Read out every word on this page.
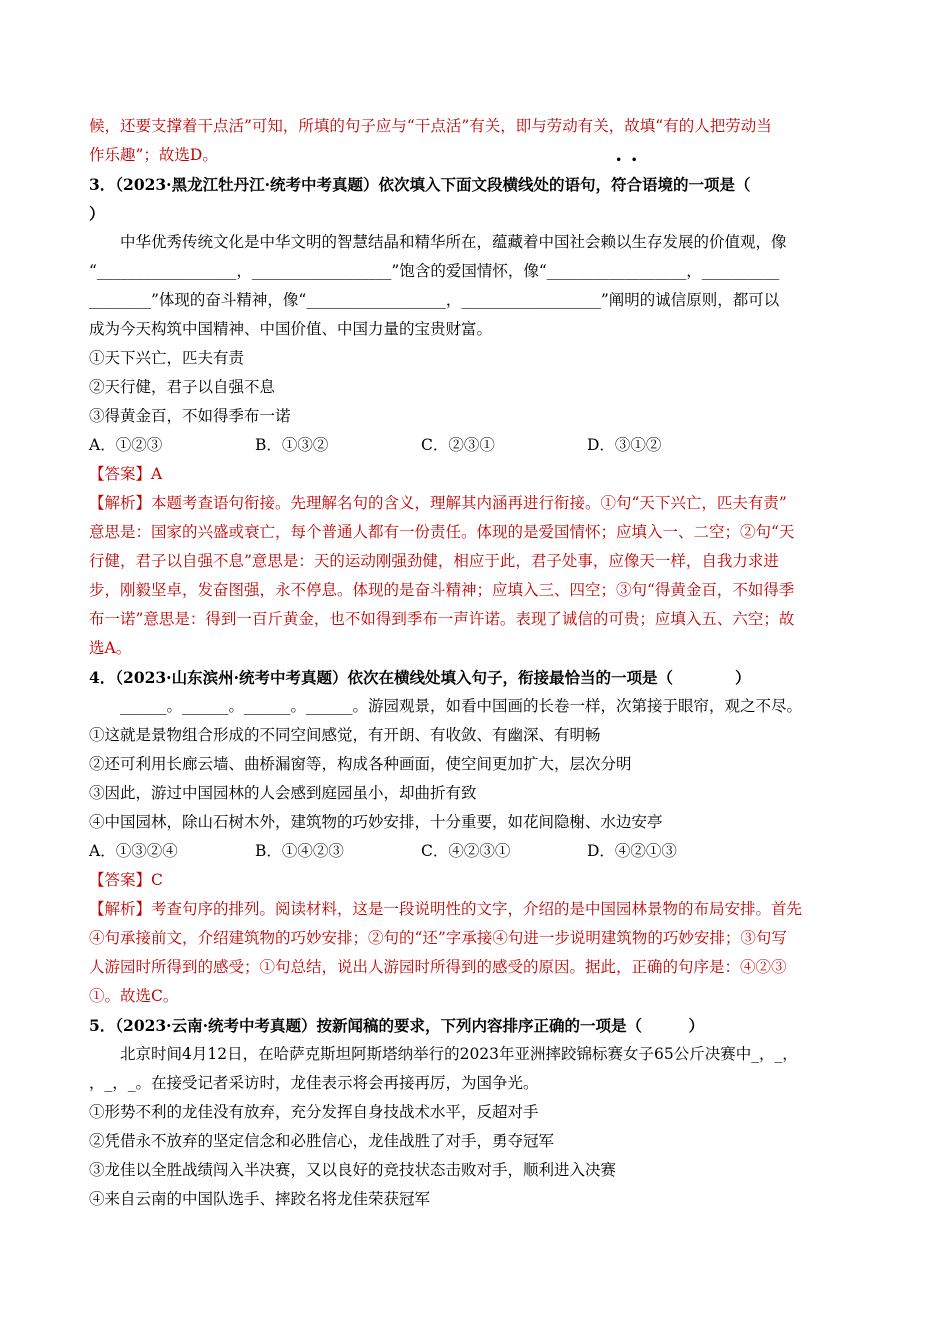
候，还要支撑着干点活”可知，所填的句子应与“干点活”有关，即与劳动有关，故填“有的人把劳动当
作乐趣”；故选D。
3．（2023·黑龙江牡丹江·统考中考真题）依次填入下面文段横线处的语句，符合语境的一项是（
）
中华优秀传统文化是中华文明的智慧结晶和精华所在，蕴藏着中国社会赖以生存发展的价值观，像
“__________________，__________________”饱含的爱国情怀，像“__________________，__________
________”体现的奋斗精神，像“__________________，__________________”阐明的诚信原则，都可以
成为今天构筑中国精神、中国价值、中国力量的宝贵财富。
①天下兴亡，匹夫有责
②天行健，君子以自强不息
③得黄金百，不如得季布一诺
A．①②③	B．①③②	C．②③①	D．③①②
【答案】A
【解析】本题考查语句衔接。先理解名句的含义，理解其内涵再进行衔接。①句“天下兴亡，匹夫有责”
意思是：国家的兴盛或衰亡，每个普通人都有一份责任。体现的是爱国情怀；应填入一、二空；②句“天
行健，君子以自强不息”意思是：天的运动刚强劲健，相应于此，君子处事，应像天一样，自我力求进
步，刚毅坚卓，发奋图强，永不停息。体现的是奋斗精神；应填入三、四空；③句“得黄金百，不如得季
布一诺”意思是：得到一百斤黄金，也不如得到季布一声许诺。表现了诚信的可贵；应填入五、六空；故
选A。
4．（2023·山东滨州·统考中考真题）依次在横线处填入句子，衔接最恰当的一项是（　　　　）
______。______。______。______。游园观景，如看中国画的长卷一样，次第接于眼帘，观之不尽。
①这就是景物组合形成的不同空间感觉，有开朗、有收敛、有幽深、有明畅
②还可利用长廊云墙、曲桥漏窗等，构成各种画面，使空间更加扩大，层次分明
③因此，游过中国园林的人会感到庭园虽小，却曲折有致
④中国园林，除山石树木外，建筑物的巧妙安排，十分重要，如花间隐榭、水边安亭
A．①③②④	B．①④②③	C．④②③①	D．④②①③
【答案】C
【解析】考查句序的排列。阅读材料，这是一段说明性的文字，介绍的是中国园林景物的布局安排。首先
④句承接前文，介绍建筑物的巧妙安排；②句的“还”字承接④句进一步说明建筑物的巧妙安排；③句写
人游园时所得到的感受；①句总结，说出人游园时所得到的感受的原因。据此，正确的句序是：④②③
①。故选C。
5．（2023·云南·统考中考真题）按新闻稿的要求，下列内容排序正确的一项是（　　　）
北京时间4月12日，在哈萨克斯坦阿斯塔纳举行的2023年亚洲摔跤锦标赛女子65公斤决赛中_，_，
，_，_。在接受记者采访时，龙佳表示将会再接再厉，为国争光。
①形势不利的龙佳没有放弃，充分发挥自身技战术水平，反超对手
②凭借永不放弃的坚定信念和必胜信心，龙佳战胜了对手，勇夺冠军
③龙佳以全胜战绩闯入半决赛，又以良好的竞技状态击败对手，顺利进入决赛
④来自云南的中国队选手、摔跤名将龙佳荣获冠军
